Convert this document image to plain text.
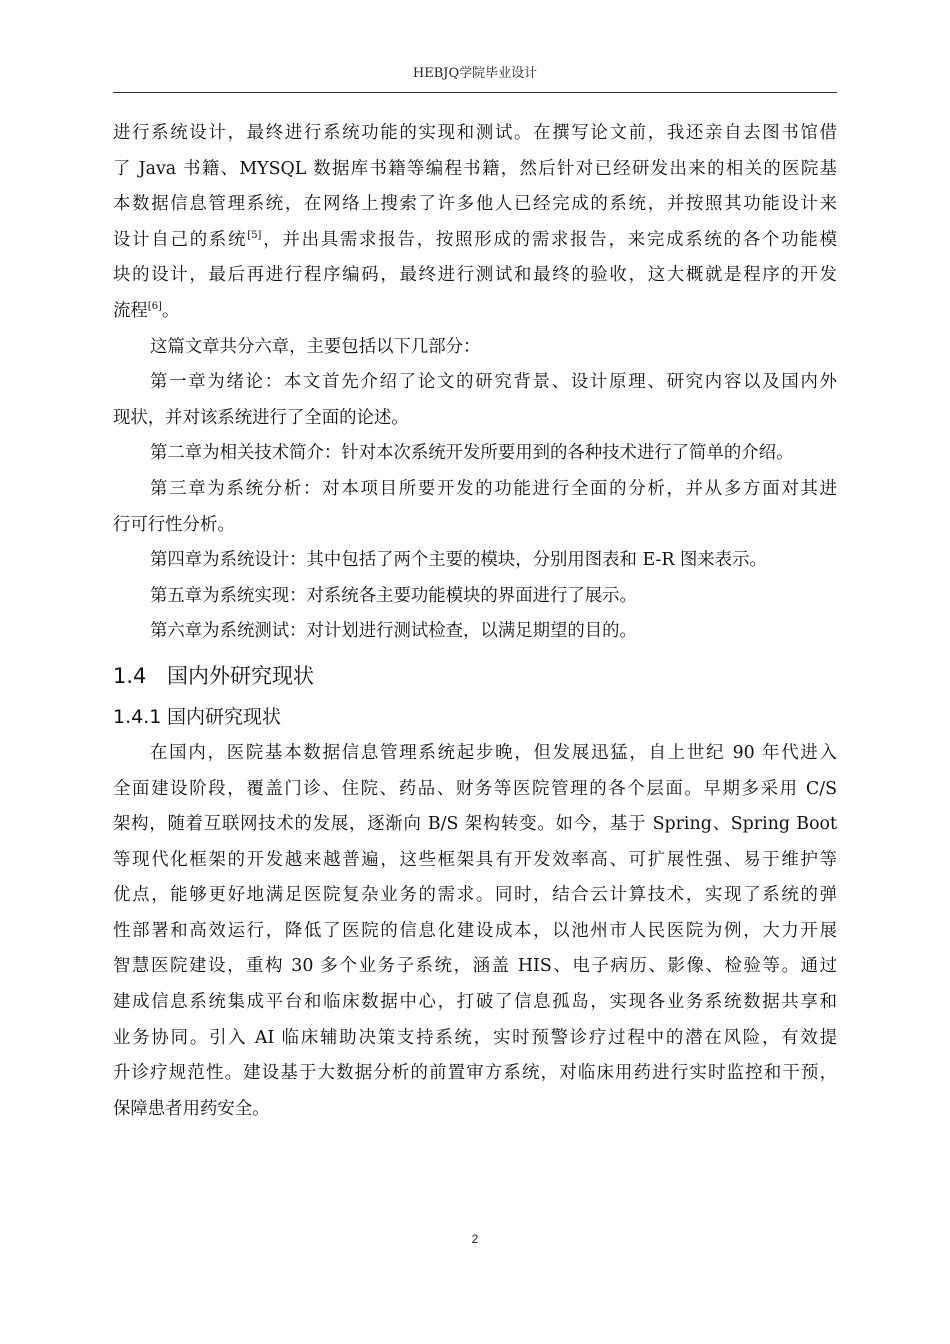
HEBJQ学院毕业设计

进行系统设计，最终进行系统功能的实现和测试。在撰写论文前，我还亲自去图书馆借
了 Java 书籍、MYSQL 数据库书籍等编程书籍，然后针对已经研发出来的相关的医院基
本数据信息管理系统，在网络上搜索了许多他人已经完成的系统，并按照其功能设计来
设计自己的系统[5]，并出具需求报告，按照形成的需求报告，来完成系统的各个功能模
块的设计，最后再进行程序编码，最终进行测试和最终的验收，这大概就是程序的开发
流程[6]。

这篇文章共分六章，主要包括以下几部分：

第一章为绪论：本文首先介绍了论文的研究背景、设计原理、研究内容以及国内外
现状，并对该系统进行了全面的论述。

第二章为相关技术简介：针对本次系统开发所要用到的各种技术进行了简单的介绍。

第三章为系统分析：对本项目所要开发的功能进行全面的分析，并从多方面对其进
行可行性分析。

第四章为系统设计：其中包括了两个主要的模块，分别用图表和 E-R 图来表示。

第五章为系统实现：对系统各主要功能模块的界面进行了展示。

第六章为系统测试：对计划进行测试检查，以满足期望的目的。

1.4 国内外研究现状
1.4.1 国内研究现状

在国内，医院基本数据信息管理系统起步晚，但发展迅猛，自上世纪 90 年代进入
全面建设阶段，覆盖门诊、住院、药品、财务等医院管理的各个层面。早期多采用 C/S
架构，随着互联网技术的发展，逐渐向 B/S 架构转变。如今，基于 Spring、Spring Boot
等现代化框架的开发越来越普遍，这些框架具有开发效率高、可扩展性强、易于维护等
优点，能够更好地满足医院复杂业务的需求。同时，结合云计算技术，实现了系统的弹
性部署和高效运行，降低了医院的信息化建设成本，以池州市人民医院为例，大力开展
智慧医院建设，重构 30 多个业务子系统，涵盖 HIS、电子病历、影像、检验等。通过
建成信息系统集成平台和临床数据中心，打破了信息孤岛，实现各业务系统数据共享和
业务协同。引入 AI 临床辅助决策支持系统，实时预警诊疗过程中的潜在风险，有效提
升诊疗规范性。建设基于大数据分析的前置审方系统，对临床用药进行实时监控和干预，
保障患者用药安全。

2
